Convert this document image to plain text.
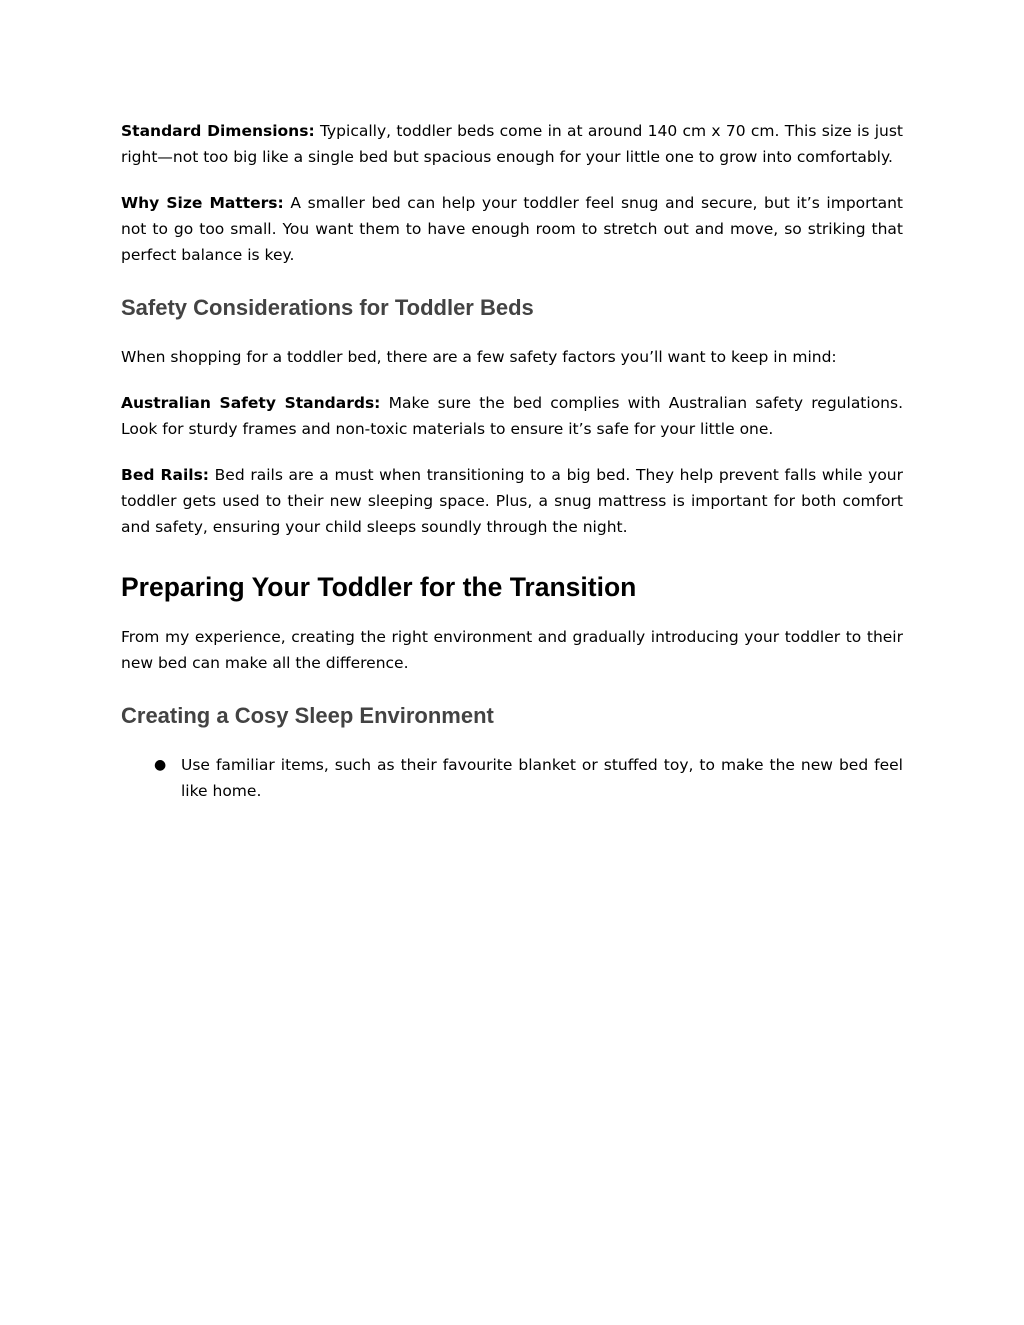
Standard Dimensions: Typically, toddler beds come in at around 140 cm x 70 cm. This size is just right—not too big like a single bed but spacious enough for your little one to grow into comfortably.

Why Size Matters: A smaller bed can help your toddler feel snug and secure, but it’s important not to go too small. You want them to have enough room to stretch out and move, so striking that perfect balance is key.

Safety Considerations for Toddler Beds

When shopping for a toddler bed, there are a few safety factors you’ll want to keep in mind:

Australian Safety Standards: Make sure the bed complies with Australian safety regulations. Look for sturdy frames and non-toxic materials to ensure it’s safe for your little one.

Bed Rails: Bed rails are a must when transitioning to a big bed. They help prevent falls while your toddler gets used to their new sleeping space. Plus, a snug mattress is important for both comfort and safety, ensuring your child sleeps soundly through the night.

Preparing Your Toddler for the Transition

From my experience, creating the right environment and gradually introducing your toddler to their new bed can make all the difference.

Creating a Cosy Sleep Environment
● Use familiar items, such as their favourite blanket or stuffed toy, to make the new bed feel like home.
